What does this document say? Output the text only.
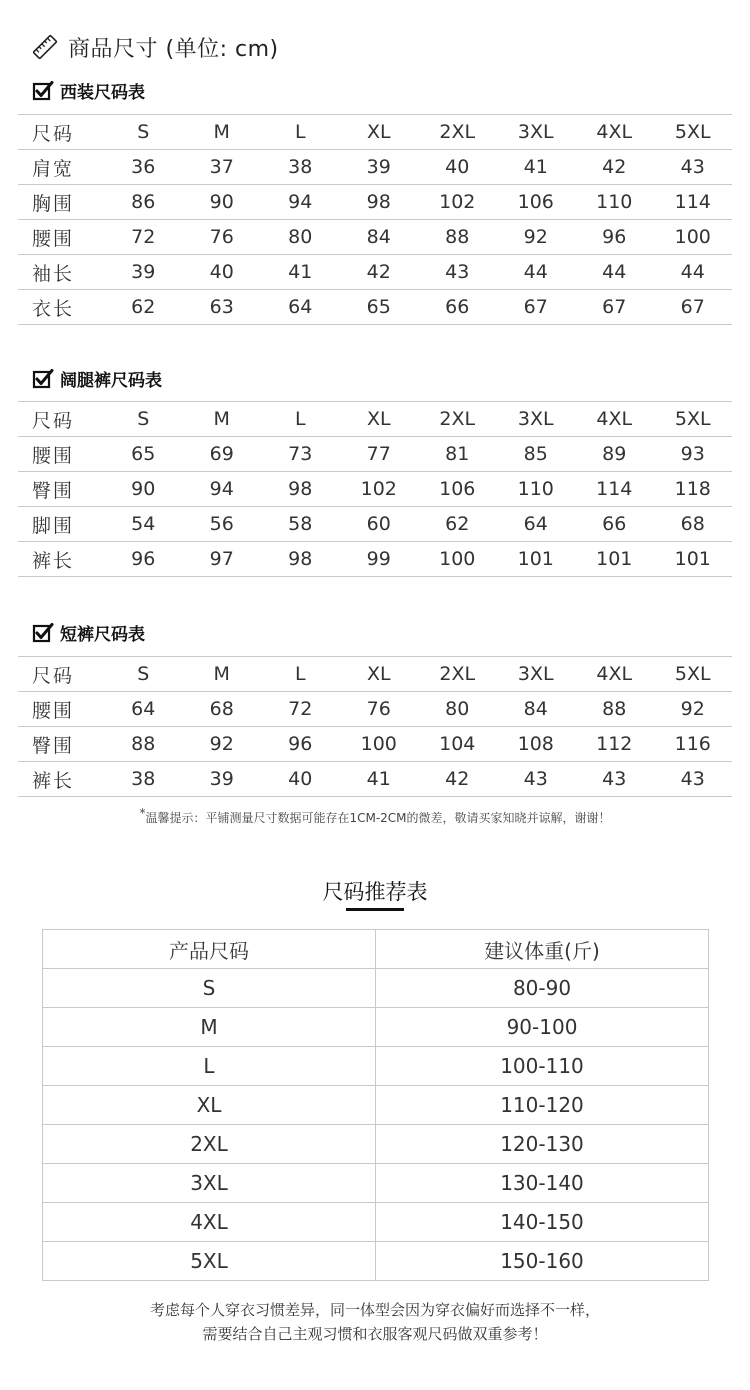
商品尺寸 (单位: cm)
西装尺码表
尺码	S	M	L	XL	2XL	3XL	4XL	5XL
肩宽	36	37	38	39	40	41	42	43
胸围	86	90	94	98	102	106	110	114
腰围	72	76	80	84	88	92	96	100
袖长	39	40	41	42	43	44	44	44
衣长	62	63	64	65	66	67	67	67
阔腿裤尺码表
尺码	S	M	L	XL	2XL	3XL	4XL	5XL
腰围	65	69	73	77	81	85	89	93
臀围	90	94	98	102	106	110	114	118
脚围	54	56	58	60	62	64	66	68
裤长	96	97	98	99	100	101	101	101
短裤尺码表
尺码	S	M	L	XL	2XL	3XL	4XL	5XL
腰围	64	68	72	76	80	84	88	92
臀围	88	92	96	100	104	108	112	116
裤长	38	39	40	41	42	43	43	43
*温馨提示：平铺测量尺寸数据可能存在1CM-2CM的微差，敬请买家知晓并谅解，谢谢！
尺码推荐表
产品尺码	建议体重(斤)
S	80-90
M	90-100
L	100-110
XL	110-120
2XL	120-130
3XL	130-140
4XL	140-150
5XL	150-160
考虑每个人穿衣习惯差异，同一体型会因为穿衣偏好而选择不一样，
需要结合自己主观习惯和衣服客观尺码做双重参考！
